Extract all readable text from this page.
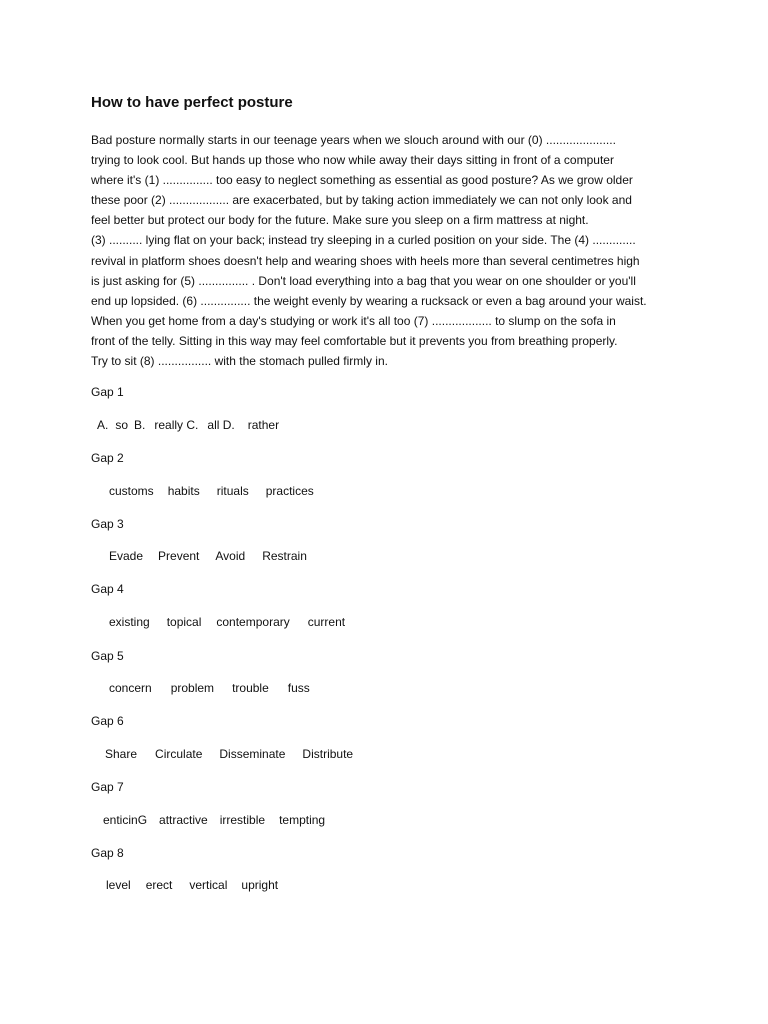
How to have perfect posture
Bad posture normally starts in our teenage years when we slouch around with our (0) .....................
trying to look cool. But hands up those who now while away their days sitting in front of a computer
where it's (1) ............... too easy to neglect something as essential as good posture? As we grow older
these poor (2) .................. are exacerbated, but by taking action immediately we can not only look and
feel better but protect our body for the future. Make sure you sleep on a firm mattress at night.
(3) .......... lying flat on your back; instead try sleeping in a curled position on your side. The (4) .............
revival in platform shoes doesn't help and wearing shoes with heels more than several centimetres high
is just asking for (5) ............... . Don't load everything into a bag that you wear on one shoulder or you'll
end up lopsided. (6) ............... the weight evenly by wearing a rucksack or even a bag around your waist.
When you get home from a day's studying or work it's all too (7) .................. to slump on the sofa in
front of the telly. Sitting in this way may feel comfortable but it prevents you from breathing properly.
Try to sit (8) ................ with the stomach pulled firmly in.
Gap 1
A. so B. really C. all D. rather
Gap 2
customs habits rituals practices
Gap 3
Evade Prevent Avoid Restrain
Gap 4
existing topical contemporary current
Gap 5
concern problem trouble fuss
Gap 6
Share Circulate Disseminate Distribute
Gap 7
enticinG attractive irrestible tempting
Gap 8
level erect vertical upright
